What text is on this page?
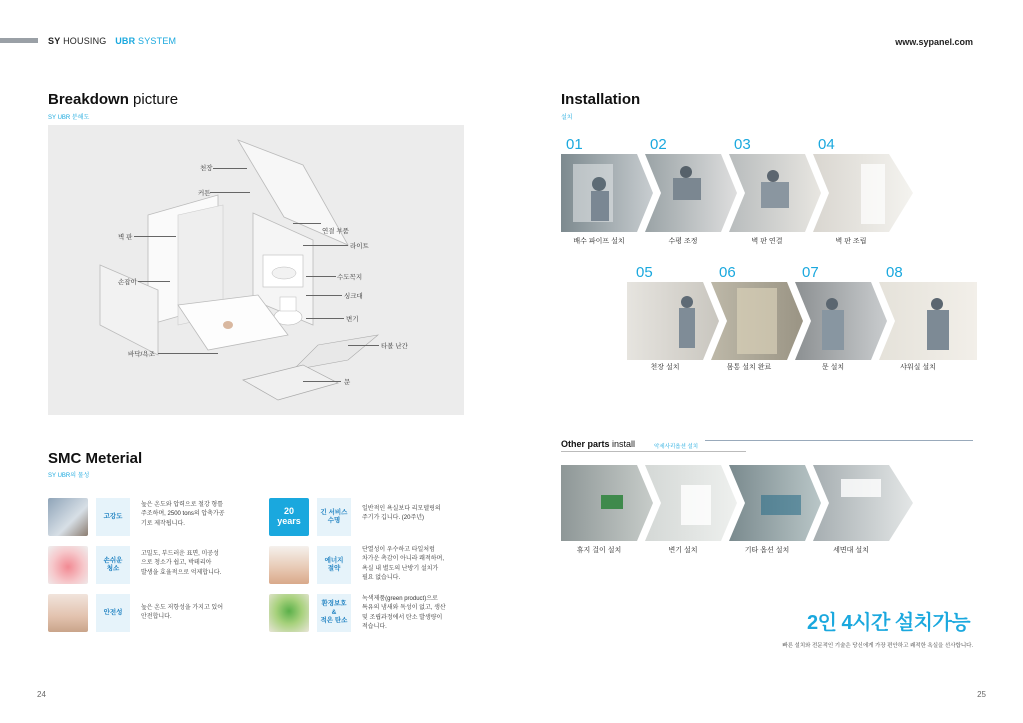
SY HOUSING UBR SYSTEM	www.sypanel.com
Breakdown picture
SY UBR 분해도
천장
커튼
벽 판
연결 부품
라이트
손잡이
수도꼭지
싱크대
변기
타볼 난간
바닥/욕조
문
SMC Meterial
SY UBR의 물성
고강도
높은 온도와 압력으로 철강 형틀
주조하며, 2500 tons의 압축가공
기로 제작됩니다.
20
years
긴 서비스
수명
일반적인 욕실보다 리모델링의
주기가 깁니다. (20주년)
손쉬운
청소
고밀도, 부드러운 표면, 미공성
으로 청소가 쉽고, 박테리아
발생을 효율적으로 억제합니다.
에너지
절약
단열성이 우수하고 타일처럼
차가운 촉감이 아니라 쾌적하며,
욕실 내 별도의 난방기 설치가
필요 없습니다.
안전성
높은 온도 저항성을 가지고 있어
안전합니다.
환경보호
&
적은 탄소
녹색제품(green product)으로
특유의 냄새와 독성이 없고, 생산
및 조립과정에서 탄소 발생량이
적습니다.
Installation
설치
01	02	03	04
배수 파이프 설치	수평 조정	벽 판 연결	벽 판 조립
05	06	07	08
천장 설치	몸통 설치 완료	문 설치	샤워실 설치
Other parts install	악세사리옵션 설치
휴지 걸이 설치	변기 설치	기타 옵션 설치	세면대 설치
2인 4시간 설치가능
빠른 설치와 전문적인 기술은 당신에게 가장 편안하고 쾌적한 욕실을 선사합니다.
24	25
